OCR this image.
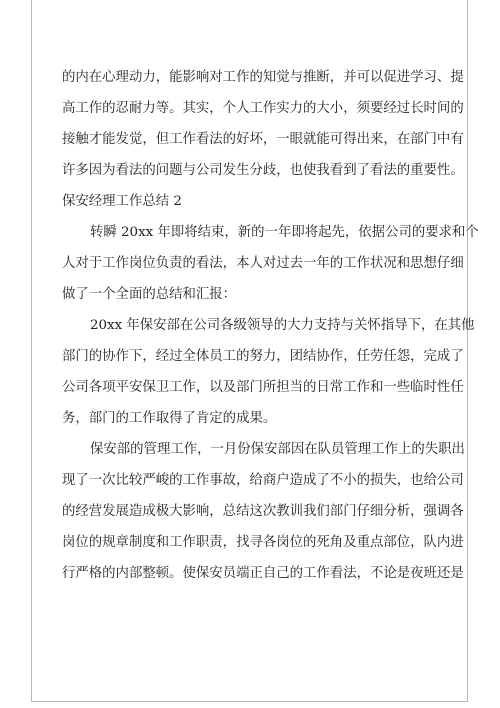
的内在心理动力，能影响对工作的知觉与推断，并可以促进学习、提
高工作的忍耐力等。其实，个人工作实力的大小，须要经过长时间的
接触才能发觉，但工作看法的好坏，一眼就能可得出来，在部门中有
许多因为看法的问题与公司发生分歧，也使我看到了看法的重要性。
保安经理工作总结 2
转瞬 20xx 年即将结束，新的一年即将起先，依据公司的要求和个
人对于工作岗位负责的看法，本人对过去一年的工作状况和思想仔细
做了一个全面的总结和汇报：
20xx 年保安部在公司各级领导的大力支持与关怀指导下，在其他
部门的协作下，经过全体员工的努力，团结协作，任劳任怨，完成了
公司各项平安保卫工作，以及部门所担当的日常工作和一些临时性任
务，部门的工作取得了肯定的成果。
保安部的管理工作，一月份保安部因在队员管理工作上的失职出
现了一次比较严峻的工作事故，给商户造成了不小的损失，也给公司
的经营发展造成极大影响，总结这次教训我们部门仔细分析，强调各
岗位的规章制度和工作职责，找寻各岗位的死角及重点部位，队内进
行严格的内部整顿。使保安员端正自己的工作看法，不论是夜班还是
